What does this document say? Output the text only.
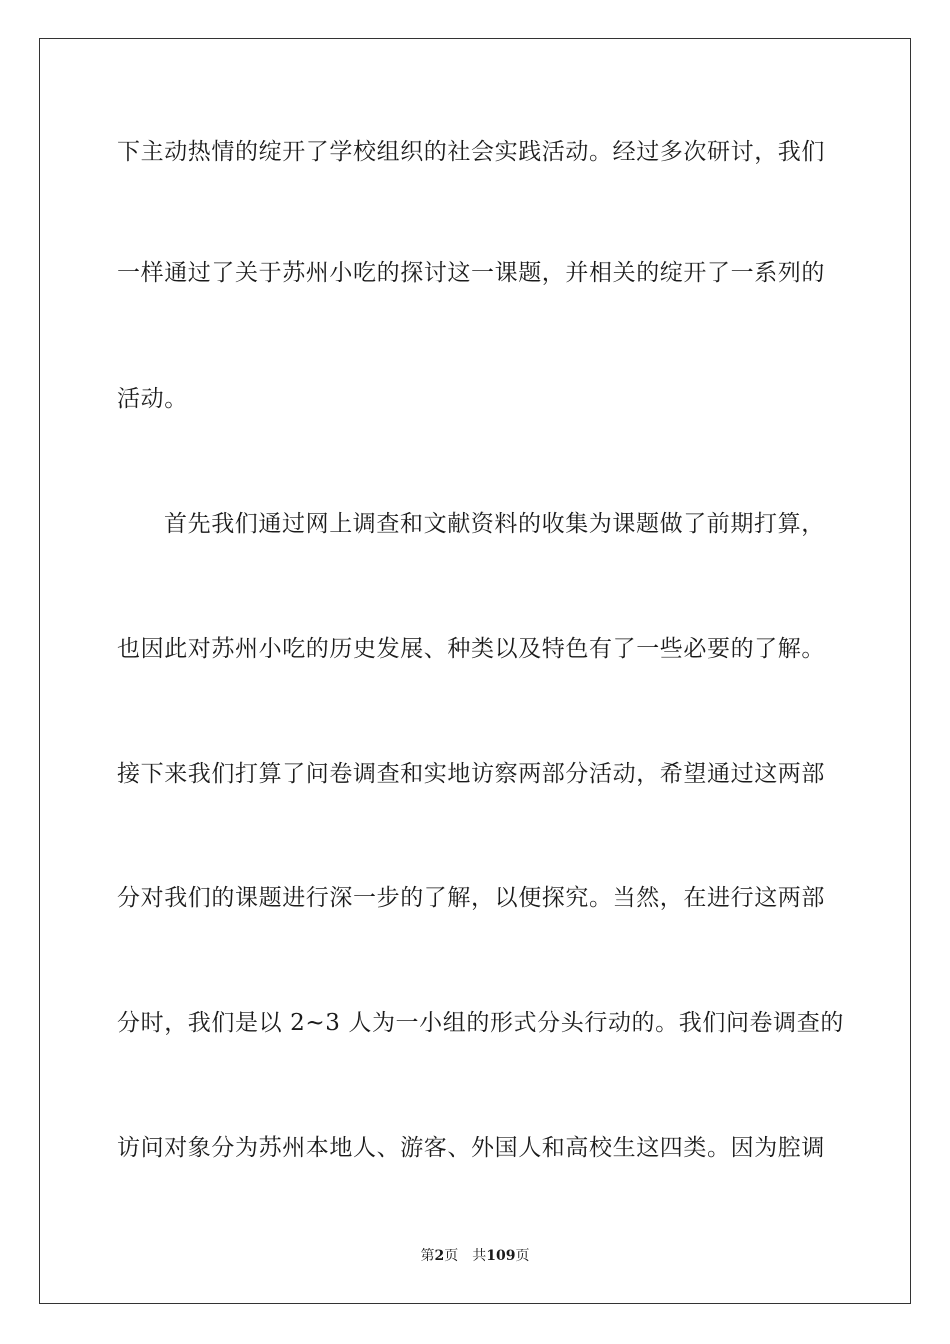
下主动热情的绽开了学校组织的社会实践活动。经过多次研讨，我们
一样通过了关于苏州小吃的探讨这一课题，并相关的绽开了一系列的
活动。
首先我们通过网上调查和文献资料的收集为课题做了前期打算，
也因此对苏州小吃的历史发展、种类以及特色有了一些必要的了解。
接下来我们打算了问卷调查和实地访察两部分活动，希望通过这两部
分对我们的课题进行深一步的了解，以便探究。当然，在进行这两部
分时，我们是以 2~3 人为一小组的形式分头行动的。我们问卷调查的
访问对象分为苏州本地人、游客、外国人和高校生这四类。因为腔调
第2页 共109页
